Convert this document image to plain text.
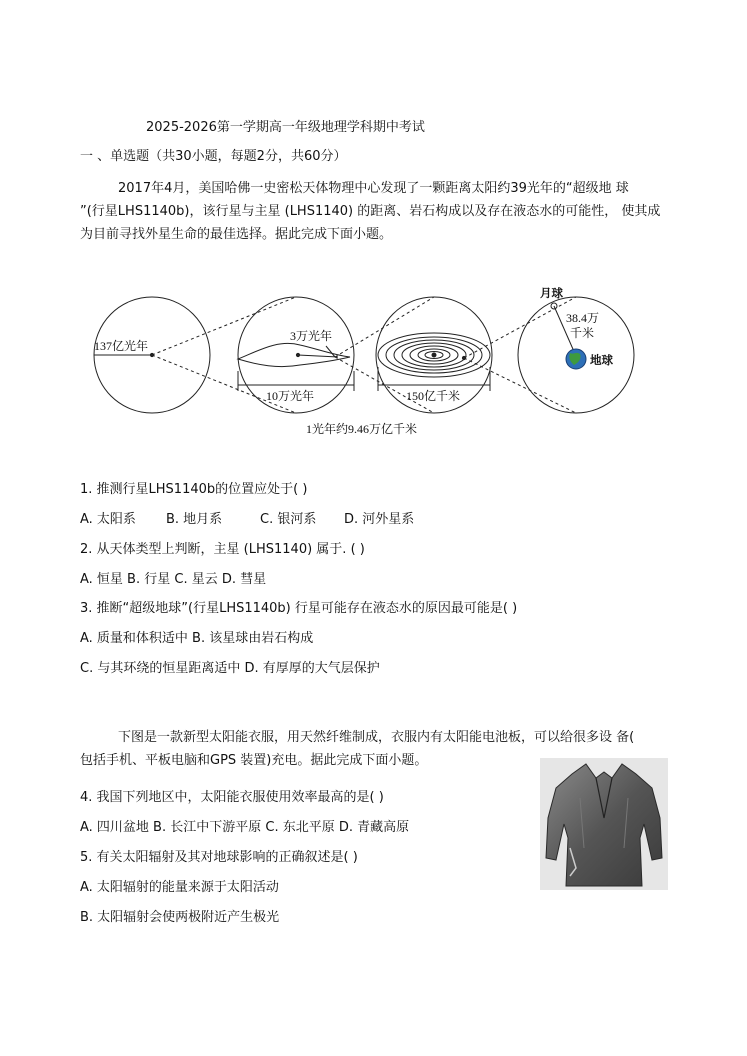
2025-2026第一学期高一年级地理学科期中考试
一 、单选题（共30小题，每题2分，共60分）
2017年4月，美国哈佛一史密松天体物理中心发现了一颗距离太阳约39光年的“超级地 球
”(行星LHS1140b)，该行星与主星 (LHS1140) 的距离、岩石构成以及存在液态水的可能性， 使其成
为目前寻找外星生命的最佳选择。据此完成下面小题。
137亿光年
3万光年
10万光年	150亿千米
38.4万
千米
月球
地球
1光年约9.46万亿千米
1. 推测行星LHS1140b的位置应处于( )
A. 太阳系 B. 地月系	C. 银河系 D. 河外星系
2. 从天体类型上判断，主星 (LHS1140) 属于. ( )
A. 恒星 B. 行星 C. 星云 D. 彗星
3. 推断“超级地球”(行星LHS1140b) 行星可能存在液态水的原因最可能是( )
A. 质量和体积适中 B. 该星球由岩石构成
C. 与其环绕的恒星距离适中 D. 有厚厚的大气层保护
下图是一款新型太阳能衣服，用天然纤维制成，衣服内有太阳能电池板，可以给很多设 备(
包括手机、平板电脑和GPS 装置)充电。据此完成下面小题。
4. 我国下列地区中，太阳能衣服使用效率最高的是( )
A. 四川盆地 B. 长江中下游平原 C. 东北平原 D. 青藏高原
5. 有关太阳辐射及其对地球影响的正确叙述是( )
A. 太阳辐射的能量来源于太阳活动
B. 太阳辐射会使两极附近产生极光
